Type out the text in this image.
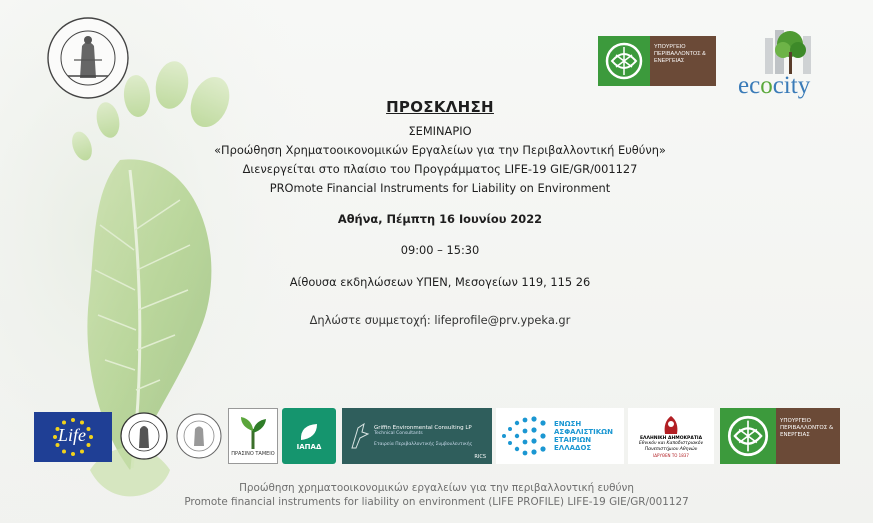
ΥΠΟΥΡΓΕΙΟ ΠΕΡΙΒΑΛΛΟΝΤΟΣ & ΕΝΕΡΓΕΙΑΣ
ecocity
ΠΡΟΣΚΛΗΣΗ
ΣΕΜΙΝΑΡΙΟ
«Προώθηση Χρηματοοικονομικών Εργαλείων για την Περιβαλλοντική Ευθύνη»
Διενεργείται στο πλαίσιο του Προγράμματος LIFE-19 GIE/GR/001127
PROmote Financial Instruments for Liability on Environment
Αθήνα, Πέμπτη 16 Ιουνίου 2022
09:00 – 15:30
Αίθουσα εκδηλώσεων ΥΠΕΝ, Μεσογείων 119, 115 26
Δηλώστε συμμετοχή: lifeprofile@prv.ypeka.gr
Life
ΠΡΑΣΙΝΟ ΤΑΜΕΙΟ
ΙΑΠΑΔ
Griffin Environmental Consulting LP
Technical Consultants
Εταιρεία Περιβαλλοντικής Συμβουλευτικής
RICS
ΕΝΩΣΗ ΑΣΦΑΛΙΣΤΙΚΩΝ ΕΤΑΙΡΙΩΝ ΕΛΛΑΔΟΣ
ΕΛΛΗΝΙΚΗ ΔΗΜΟΚΡΑΤΙΑ
Εθνικόν και Καποδιστριακόν Πανεπιστήμιον Αθηνών
ΙΔΡΥΘΕΝ ΤΟ 1837
ΥΠΟΥΡΓΕΙΟ ΠΕΡΙΒΑΛΛΟΝΤΟΣ & ΕΝΕΡΓΕΙΑΣ
Προώθηση χρηματοοικονομικών εργαλείων για την περιβαλλοντική ευθύνη
Promote financial instruments for liability on environment (LIFE PROFILE) LIFE-19 GIE/GR/001127
